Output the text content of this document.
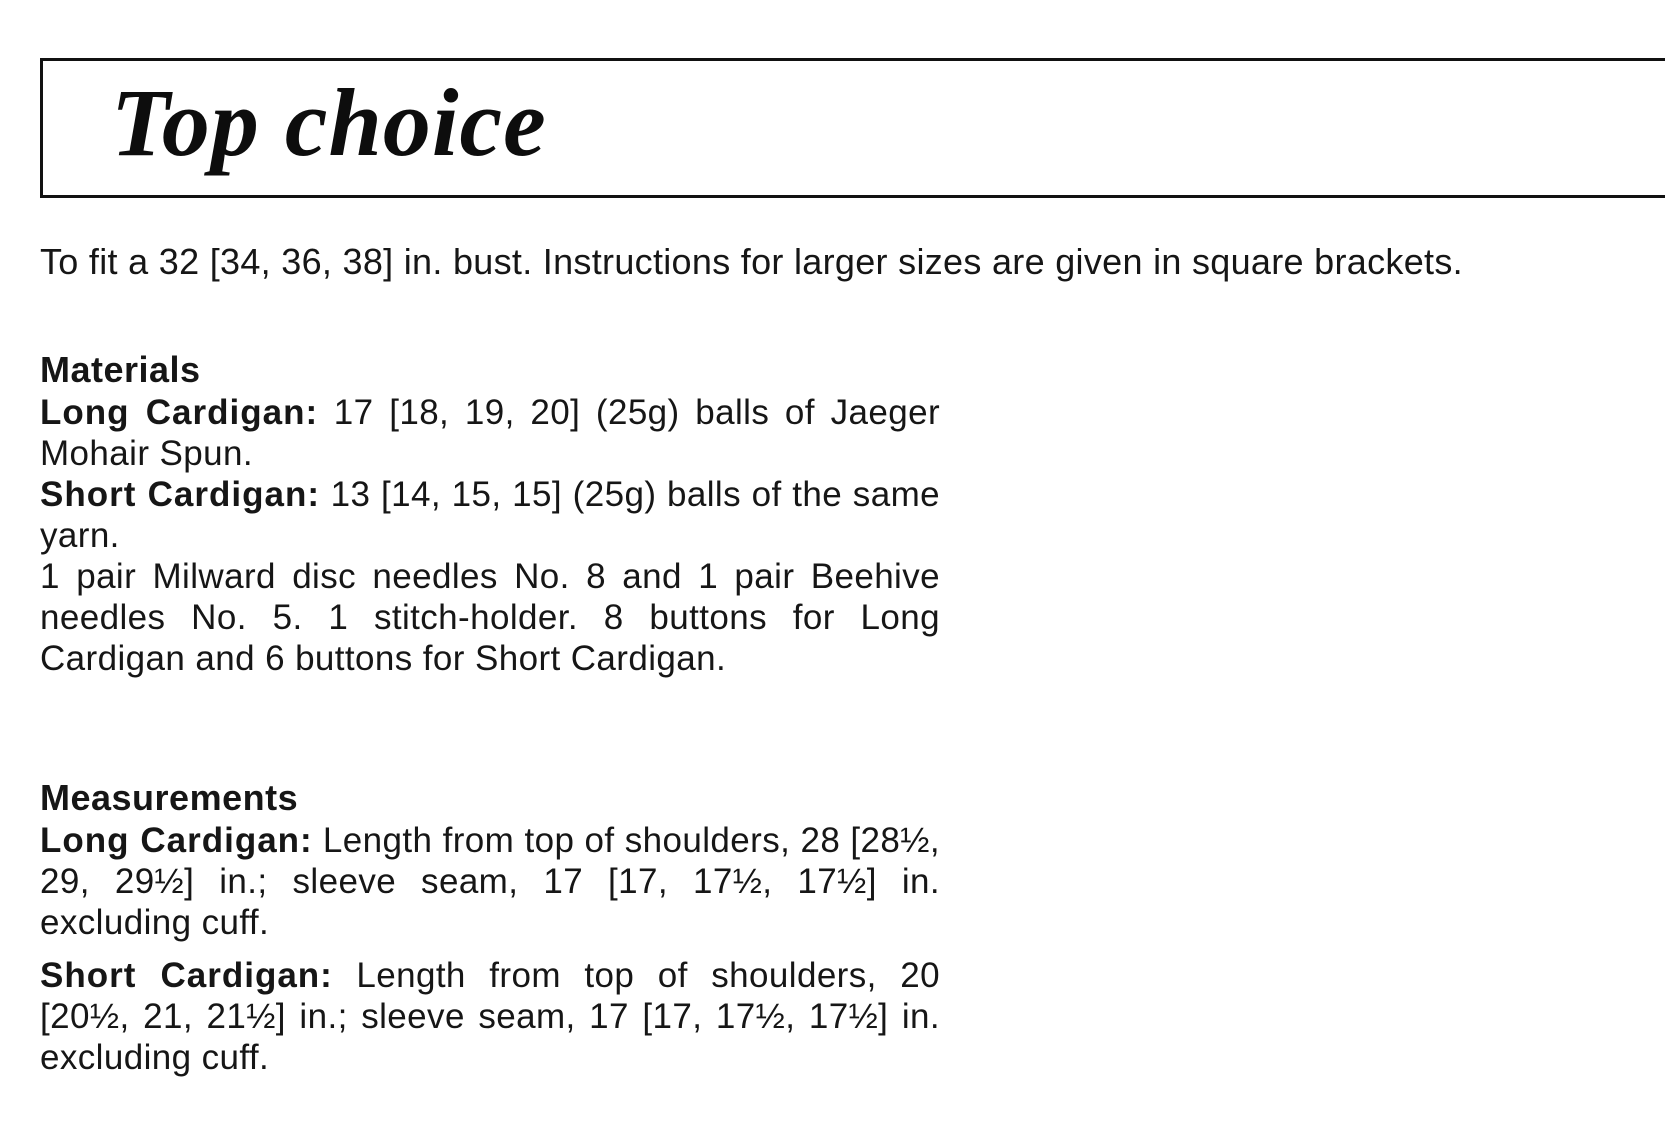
Top choice

To fit a 32 [34, 36, 38] in. bust. Instructions for larger sizes are given in square brackets.

Materials

Long Cardigan: 17 [18, 19, 20] (25g) balls of Jaeger Mohair Spun.

Short Cardigan: 13 [14, 15, 15] (25g) balls of the same yarn.

1 pair Milward disc needles No. 8 and 1 pair Beehive needles No. 5. 1 stitch-holder. 8 buttons for Long Cardigan and 6 buttons for Short Cardigan.

Measurements

Long Cardigan: Length from top of shoulders, 28 [28½, 29, 29½] in.; sleeve seam, 17 [17, 17½, 17½] in. excluding cuff.

Short Cardigan: Length from top of shoulders, 20 [20½, 21, 21½] in.; sleeve seam, 17 [17, 17½, 17½] in. excluding cuff.
